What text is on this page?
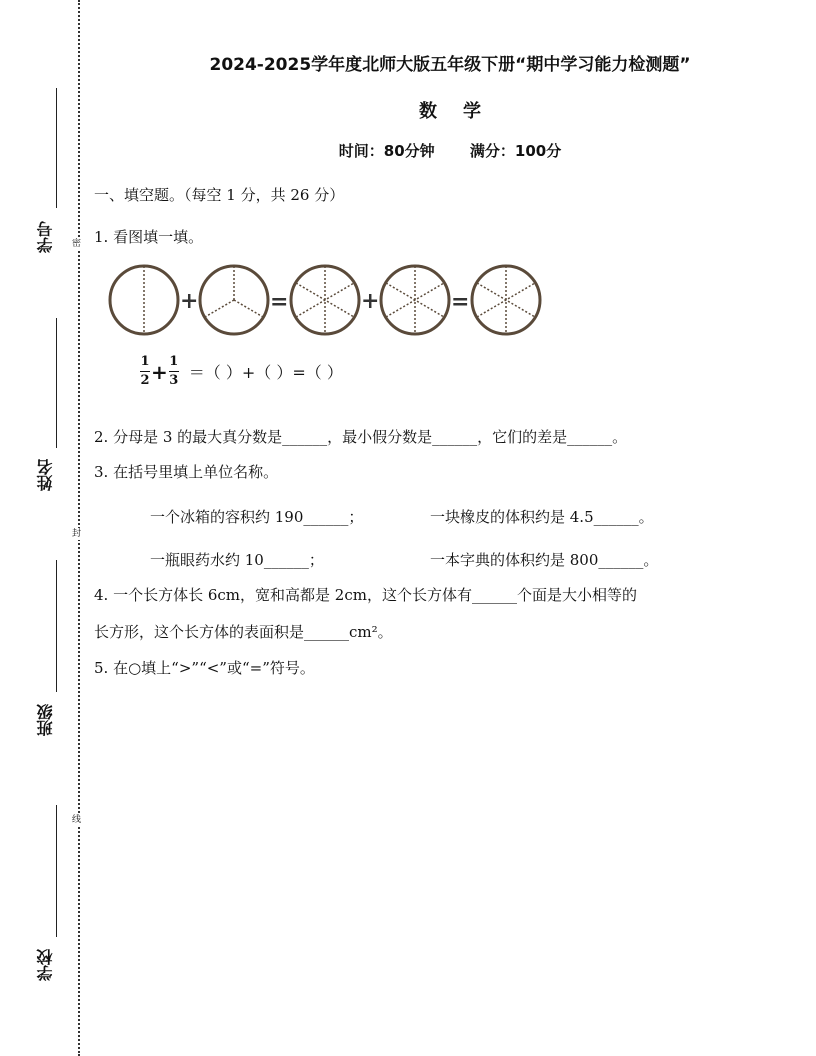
密
封
线
学号
姓名
班级
学校
2024-2025学年度北师大版五年级下册“期中学习能力检测题”
数学
时间：80分钟 满分：100分
一、填空题。（每空 1 分，共 26 分）
1. 看图填一填。
+	=	+	=
$\frac{1}{2} + \frac{1}{3}$ ＝（ ）+（ ）=（ ）
2. 分母是 3 的最大真分数是______，最小假分数是______，它们的差是______。
3. 在括号里填上单位名称。
一个冰箱的容积约 190______；	一块橡皮的体积约是 4.5______。
一瓶眼药水约 10______；	一本字典的体积约是 800______。
4. 一个长方体长 6cm，宽和高都是 2cm，这个长方体有______个面是大小相等的
长方形，这个长方体的表面积是______cm²。
5. 在○填上“>”“<”或“=”符号。
